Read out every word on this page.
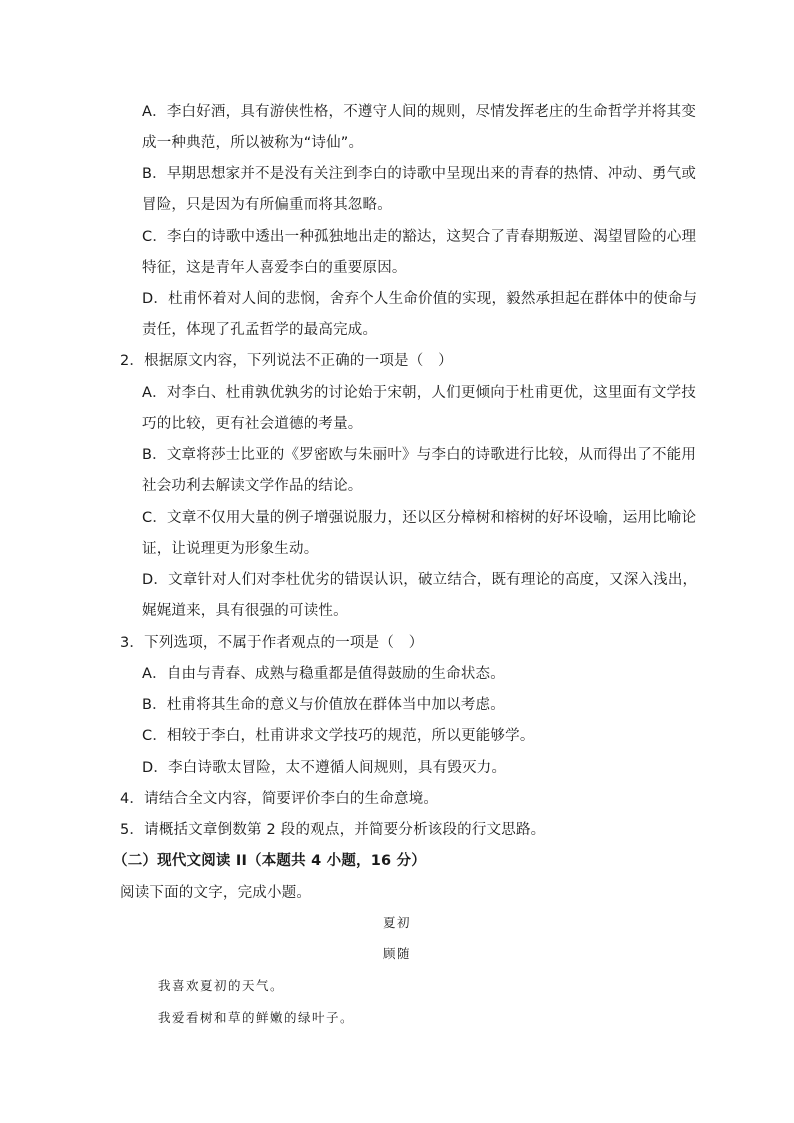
A．李白好酒，具有游侠性格，不遵守人间的规则，尽情发挥老庄的生命哲学并将其变
成一种典范，所以被称为“诗仙”。
B．早期思想家并不是没有关注到李白的诗歌中呈现出来的青春的热情、冲动、勇气或
冒险，只是因为有所偏重而将其忽略。
C．李白的诗歌中透出一种孤独地出走的豁达，这契合了青春期叛逆、渴望冒险的心理
特征，这是青年人喜爱李白的重要原因。
D．杜甫怀着对人间的悲悯，舍弃个人生命价值的实现，毅然承担起在群体中的使命与
责任，体现了孔孟哲学的最高完成。
2．根据原文内容，下列说法不正确的一项是（　）
A．对李白、杜甫孰优孰劣的讨论始于宋朝，人们更倾向于杜甫更优，这里面有文学技
巧的比较，更有社会道德的考量。
B．文章将莎士比亚的《罗密欧与朱丽叶》与李白的诗歌进行比较，从而得出了不能用
社会功利去解读文学作品的结论。
C．文章不仅用大量的例子增强说服力，还以区分樟树和榕树的好坏设喻，运用比喻论
证，让说理更为形象生动。
D．文章针对人们对李杜优劣的错误认识，破立结合，既有理论的高度，又深入浅出，
娓娓道来，具有很强的可读性。
3．下列选项，不属于作者观点的一项是（　）
A．自由与青春、成熟与稳重都是值得鼓励的生命状态。
B．杜甫将其生命的意义与价值放在群体当中加以考虑。
C．相较于李白，杜甫讲求文学技巧的规范，所以更能够学。
D．李白诗歌太冒险，太不遵循人间规则，具有毁灭力。
4．请结合全文内容，简要评价李白的生命意境。
5．请概括文章倒数第 2 段的观点，并简要分析该段的行文思路。
（二）现代文阅读 II（本题共 4 小题，16 分）
阅读下面的文字，完成小题。
夏初
顾随
我喜欢夏初的天气。
我爱看树和草的鲜嫩的绿叶子。
